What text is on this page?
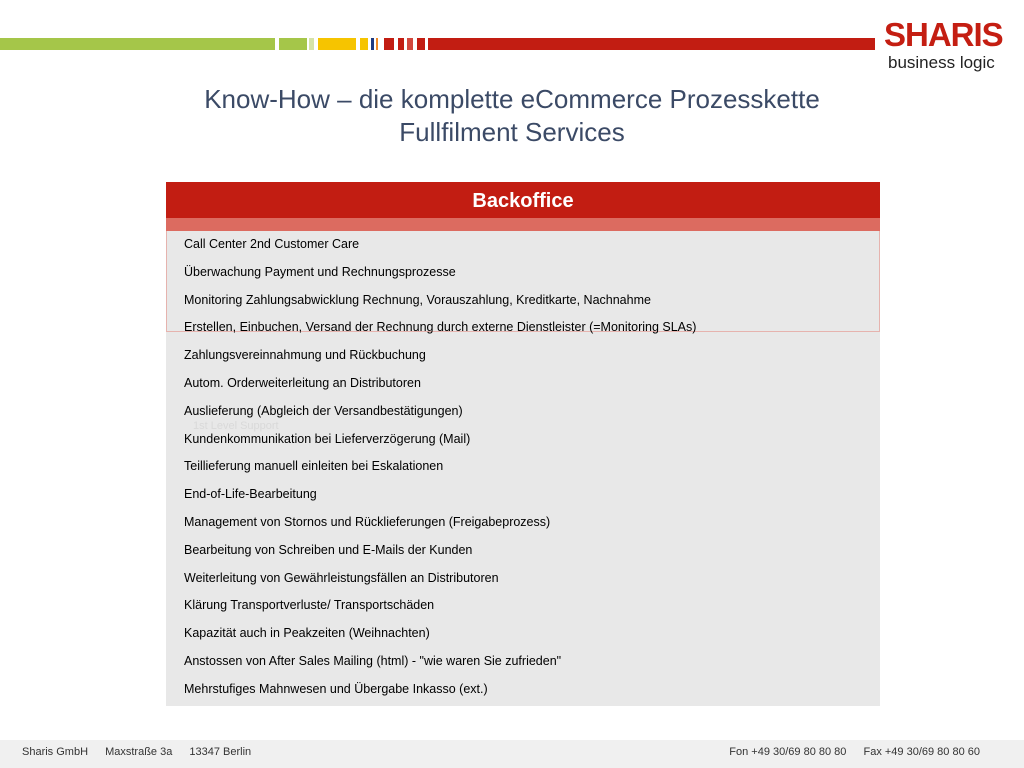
SHARIS
business logic
Know-How – die komplette eCommerce Prozesskette
Fullfilment Services
Backoffice
1st Level Support
Call Center 2nd Customer Care
Überwachung Payment und Rechnungsprozesse
Monitoring Zahlungsabwicklung Rechnung, Vorauszahlung, Kreditkarte, Nachnahme
Erstellen, Einbuchen, Versand der Rechnung durch externe Dienstleister (=Monitoring SLAs)
Zahlungsvereinnahmung und Rückbuchung
Autom. Orderweiterleitung an Distributoren
Auslieferung (Abgleich der Versandbestätigungen)
Kundenkommunikation bei Lieferverzögerung (Mail)
Teillieferung manuell einleiten bei Eskalationen
End-of-Life-Bearbeitung
Management von Stornos und Rücklieferungen (Freigabeprozess)
Bearbeitung von Schreiben und E-Mails der Kunden
Weiterleitung von Gewährleistungsfällen an Distributoren
Klärung Transportverluste/ Transportschäden
Kapazität auch in Peakzeiten (Weihnachten)
Anstossen von After Sales Mailing (html) - "wie waren Sie zufrieden"
Mehrstufiges Mahnwesen und Übergabe Inkasso (ext.)
Sharis GmbH Maxstraße 3a 13347 Berlin	Fon +49 30/69 80 80 80 Fax +49 30/69 80 80 60
